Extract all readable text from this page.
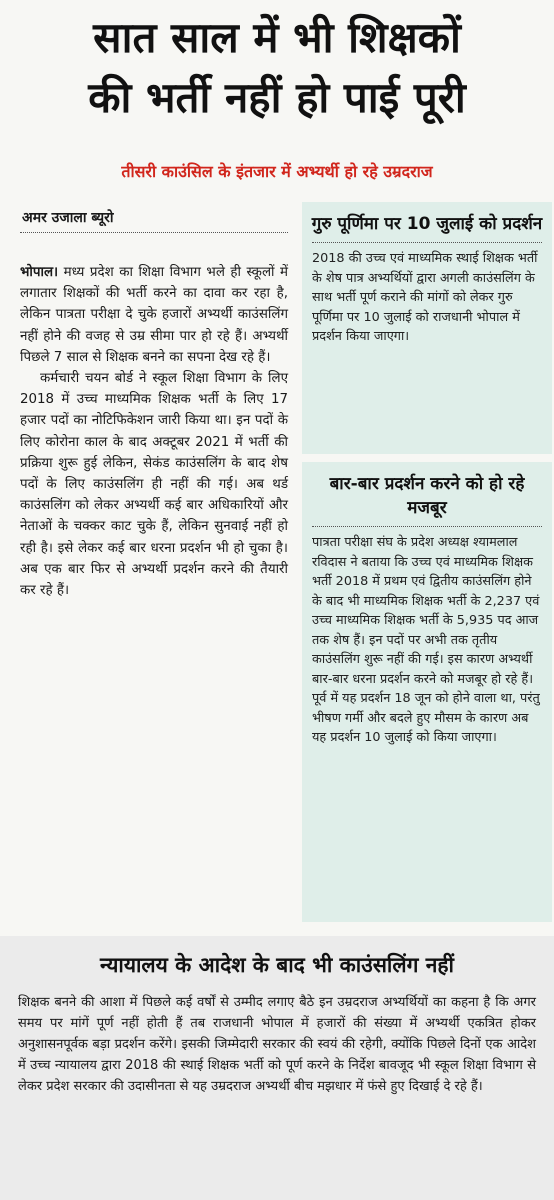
सात साल में भी शिक्षकों
की भर्ती नहीं हो पाई पूरी
तीसरी काउंसिल के इंतजार में अभ्यर्थी हो रहे उम्रदराज
अमर उजाला ब्यूरो

भोपाल। मध्य प्रदेश का शिक्षा विभाग भले ही स्कूलों में लगातार शिक्षकों की भर्ती करने का दावा कर रहा है, लेकिन पात्रता परीक्षा दे चुके हजारों अभ्यर्थी काउंसलिंग नहीं होने की वजह से उम्र सीमा पार हो रहे हैं। अभ्यर्थी पिछले 7 साल से शिक्षक बनने का सपना देख रहे हैं।

कर्मचारी चयन बोर्ड ने स्कूल शिक्षा विभाग के लिए 2018 में उच्च माध्यमिक शिक्षक भर्ती के लिए 17 हजार पदों का नोटिफिकेशन जारी किया था। इन पदों के लिए कोरोना काल के बाद अक्टूबर 2021 में भर्ती की प्रक्रिया शुरू हुई लेकिन, सेकंड काउंसलिंग के बाद शेष पदों के लिए काउंसलिंग ही नहीं की गई। अब थर्ड काउंसलिंग को लेकर अभ्यर्थी कई बार अधिकारियों और नेताओं के चक्कर काट चुके हैं, लेकिन सुनवाई नहीं हो रही है। इसे लेकर कई बार धरना प्रदर्शन भी हो चुका है। अब एक बार फिर से अभ्यर्थी प्रदर्शन करने की तैयारी कर रहे हैं।

गुरु पूर्णिमा पर 10 जुलाई को प्रदर्शन
2018 की उच्च एवं माध्यमिक स्थाई शिक्षक भर्ती के शेष पात्र अभ्यर्थियों द्वारा अगली काउंसलिंग के साथ भर्ती पूर्ण कराने की मांगों को लेकर गुरु पूर्णिमा पर 10 जुलाई को राजधानी भोपाल में प्रदर्शन किया जाएगा।
बार-बार प्रदर्शन करने को हो रहे मजबूर
पात्रता परीक्षा संघ के प्रदेश अध्यक्ष श्यामलाल रविदास ने बताया कि उच्च एवं माध्यमिक शिक्षक भर्ती 2018 में प्रथम एवं द्वितीय काउंसलिंग होने के बाद भी माध्यमिक शिक्षक भर्ती के 2,237 एवं उच्च माध्यमिक शिक्षक भर्ती के 5,935 पद आज तक शेष हैं। इन पदों पर अभी तक तृतीय काउंसलिंग शुरू नहीं की गई। इस कारण अभ्यर्थी बार-बार धरना प्रदर्शन करने को मजबूर हो रहे हैं। पूर्व में यह प्रदर्शन 18 जून को होने वाला था, परंतु भीषण गर्मी और बदले हुए मौसम के कारण अब यह प्रदर्शन 10 जुलाई को किया जाएगा।
न्यायालय के आदेश के बाद भी काउंसलिंग नहीं
शिक्षक बनने की आशा में पिछले कई वर्षों से उम्मीद लगाए बैठे इन उम्रदराज अभ्यर्थियों का कहना है कि अगर समय पर मांगें पूर्ण नहीं होती हैं तब राजधानी भोपाल में हजारों की संख्या में अभ्यर्थी एकत्रित होकर अनुशासनपूर्वक बड़ा प्रदर्शन करेंगे। इसकी जिम्मेदारी सरकार की स्वयं की रहेगी, क्योंकि पिछले दिनों एक आदेश में उच्च न्यायालय द्वारा 2018 की स्थाई शिक्षक भर्ती को पूर्ण करने के निर्देश बावजूद भी स्कूल शिक्षा विभाग से लेकर प्रदेश सरकार की उदासीनता से यह उम्रदराज अभ्यर्थी बीच मझधार में फंसे हुए दिखाई दे रहे हैं।
